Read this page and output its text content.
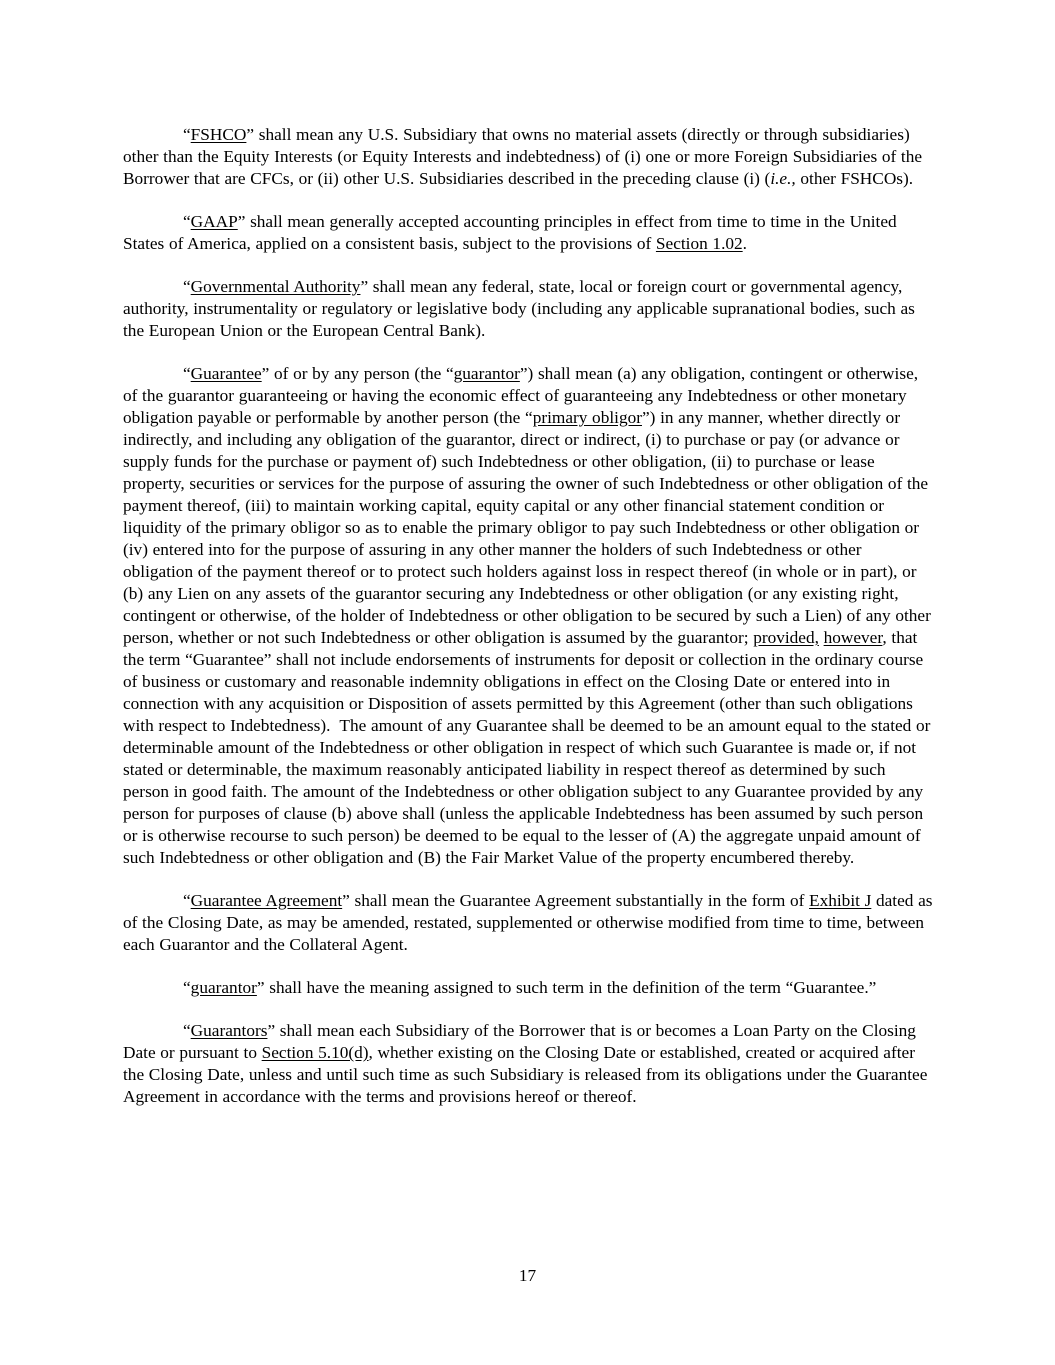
“FSHCO” shall mean any U.S. Subsidiary that owns no material assets (directly or through subsidiaries) other than the Equity Interests (or Equity Interests and indebtedness) of (i) one or more Foreign Subsidiaries of the Borrower that are CFCs, or (ii) other U.S. Subsidiaries described in the preceding clause (i) (i.e., other FSHCOs).

“GAAP” shall mean generally accepted accounting principles in effect from time to time in the United States of America, applied on a consistent basis, subject to the provisions of Section 1.02.

“Governmental Authority” shall mean any federal, state, local or foreign court or governmental agency, authority, instrumentality or regulatory or legislative body (including any applicable supranational bodies, such as the European Union or the European Central Bank).

“Guarantee” of or by any person (the “guarantor”) shall mean (a) any obligation, contingent or otherwise, of the guarantor guaranteeing or having the economic effect of guaranteeing any Indebtedness or other monetary obligation payable or performable by another person (the “primary obligor”) in any manner, whether directly or indirectly, and including any obligation of the guarantor, direct or indirect, (i) to purchase or pay (or advance or supply funds for the purchase or payment of) such Indebtedness or other obligation, (ii) to purchase or lease property, securities or services for the purpose of assuring the owner of such Indebtedness or other obligation of the payment thereof, (iii) to maintain working capital, equity capital or any other financial statement condition or liquidity of the primary obligor so as to enable the primary obligor to pay such Indebtedness or other obligation or (iv) entered into for the purpose of assuring in any other manner the holders of such Indebtedness or other obligation of the payment thereof or to protect such holders against loss in respect thereof (in whole or in part), or (b) any Lien on any assets of the guarantor securing any Indebtedness or other obligation (or any existing right, contingent or otherwise, of the holder of Indebtedness or other obligation to be secured by such a Lien) of any other person, whether or not such Indebtedness or other obligation is assumed by the guarantor; provided, however, that the term “Guarantee” shall not include endorsements of instruments for deposit or collection in the ordinary course of business or customary and reasonable indemnity obligations in effect on the Closing Date or entered into in connection with any acquisition or Disposition of assets permitted by this Agreement (other than such obligations with respect to Indebtedness).  The amount of any Guarantee shall be deemed to be an amount equal to the stated or determinable amount of the Indebtedness or other obligation in respect of which such Guarantee is made or, if not stated or determinable, the maximum reasonably anticipated liability in respect thereof as determined by such person in good faith. The amount of the Indebtedness or other obligation subject to any Guarantee provided by any person for purposes of clause (b) above shall (unless the applicable Indebtedness has been assumed by such person or is otherwise recourse to such person) be deemed to be equal to the lesser of (A) the aggregate unpaid amount of such Indebtedness or other obligation and (B) the Fair Market Value of the property encumbered thereby.

“Guarantee Agreement” shall mean the Guarantee Agreement substantially in the form of Exhibit J dated as of the Closing Date, as may be amended, restated, supplemented or otherwise modified from time to time, between each Guarantor and the Collateral Agent.

“guarantor” shall have the meaning assigned to such term in the definition of the term “Guarantee.”

“Guarantors” shall mean each Subsidiary of the Borrower that is or becomes a Loan Party on the Closing Date or pursuant to Section 5.10(d), whether existing on the Closing Date or established, created or acquired after the Closing Date, unless and until such time as such Subsidiary is released from its obligations under the Guarantee Agreement in accordance with the terms and provisions hereof or thereof.

17
